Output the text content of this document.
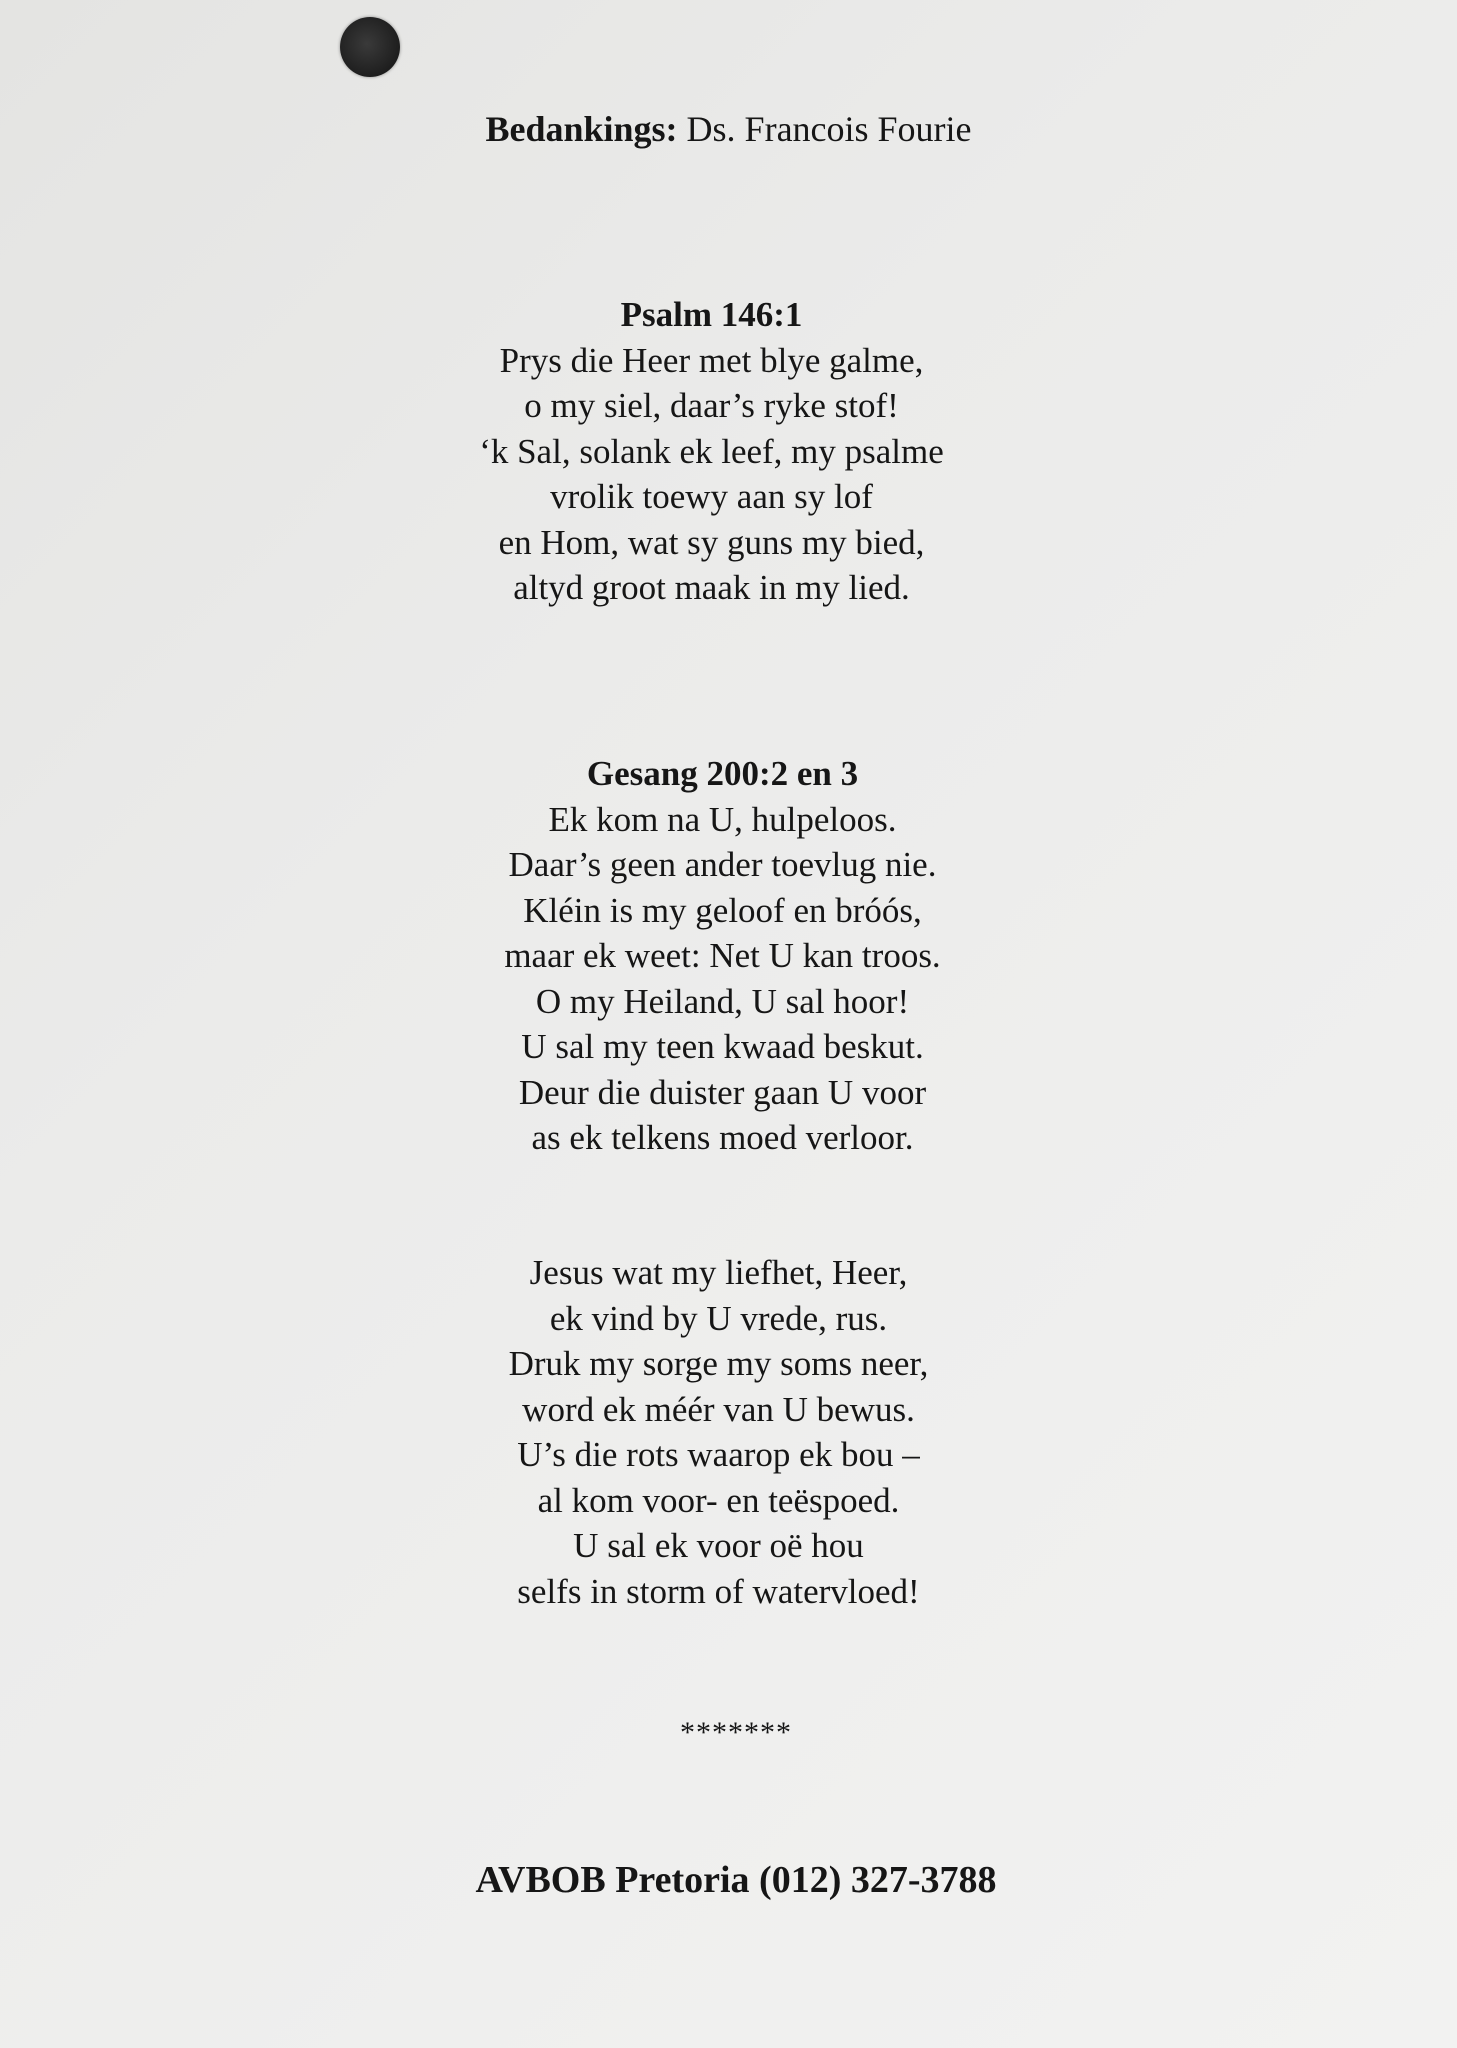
Bedankings: Ds. Francois Fourie
Psalm 146:1
Prys die Heer met blye galme,
o my siel, daar’s ryke stof!
‘k Sal, solank ek leef, my psalme
vrolik toewy aan sy lof
en Hom, wat sy guns my bied,
altyd groot maak in my lied.
Gesang 200:2 en 3
Ek kom na U, hulpeloos.
Daar’s geen ander toevlug nie.
Kléin is my geloof en bróós,
maar ek weet: Net U kan troos.
O my Heiland, U sal hoor!
U sal my teen kwaad beskut.
Deur die duister gaan U voor
as ek telkens moed verloor.
Jesus wat my liefhet, Heer,
ek vind by U vrede, rus.
Druk my sorge my soms neer,
word ek méér van U bewus.
U’s die rots waarop ek bou –
al kom voor- en teëspoed.
U sal ek voor oë hou
selfs in storm of watervloed!
*******
AVBOB Pretoria (012) 327-3788
